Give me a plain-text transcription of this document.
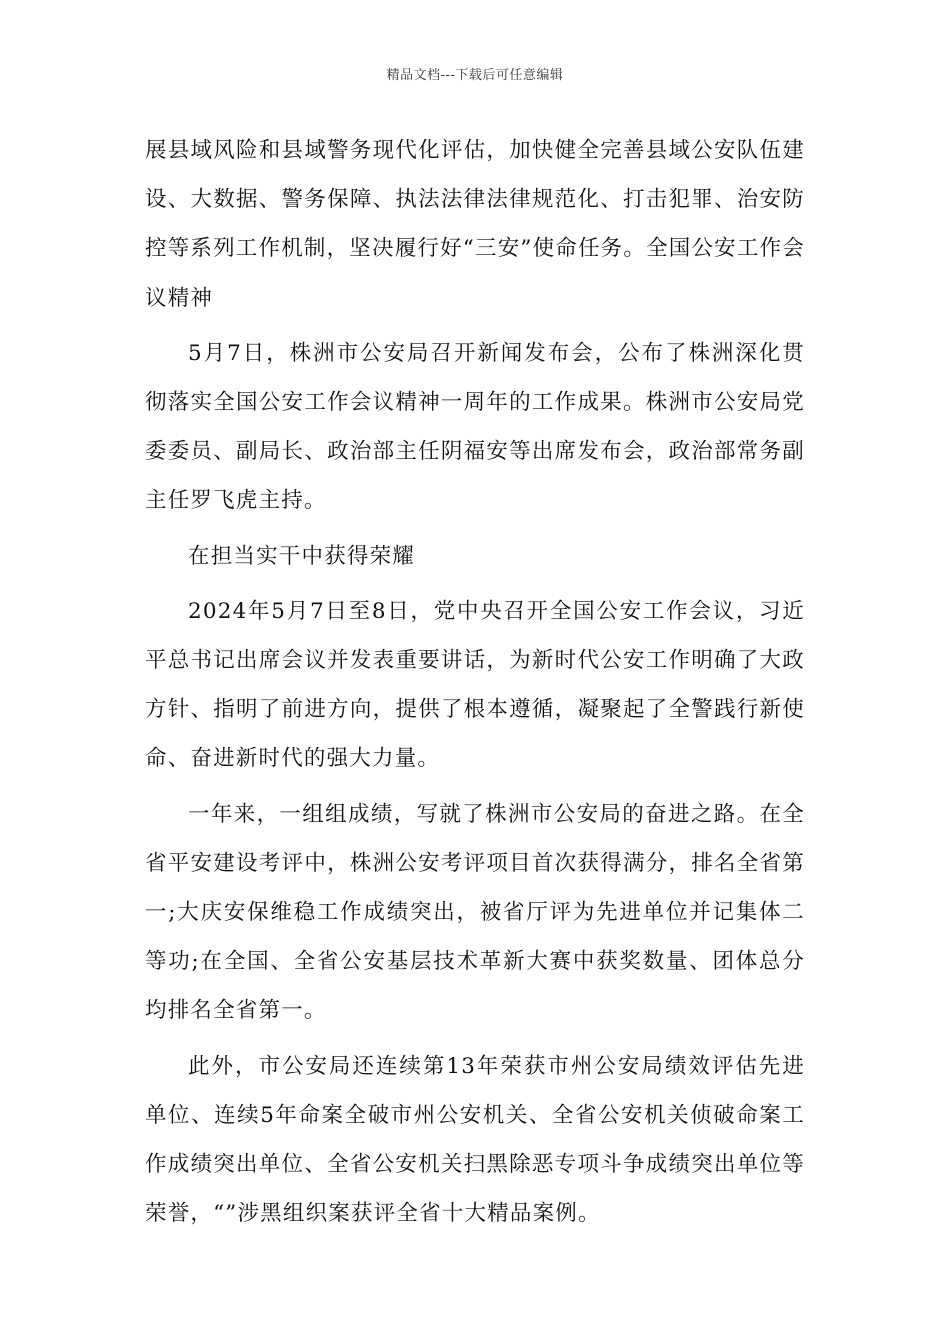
精品文档---下载后可任意编辑

展县域风险和县域警务现代化评估，加快健全完善县域公安队伍建设、大数据、警务保障、执法法律法律规范化、打击犯罪、治安防控等系列工作机制，坚决履行好“三安”使命任务。全国公安工作会议精神

5月7日，株洲市公安局召开新闻发布会，公布了株洲深化贯彻落实全国公安工作会议精神一周年的工作成果。株洲市公安局党委委员、副局长、政治部主任阴福安等出席发布会，政治部常务副主任罗飞虎主持。

在担当实干中获得荣耀

2024年5月7日至8日，党中央召开全国公安工作会议，习近平总书记出席会议并发表重要讲话，为新时代公安工作明确了大政方针、指明了前进方向，提供了根本遵循，凝聚起了全警践行新使命、奋进新时代的强大力量。

一年来，一组组成绩，写就了株洲市公安局的奋进之路。在全省平安建设考评中，株洲公安考评项目首次获得满分，排名全省第一;大庆安保维稳工作成绩突出，被省厅评为先进单位并记集体二等功;在全国、全省公安基层技术革新大赛中获奖数量、团体总分均排名全省第一。

此外，市公安局还连续第13年荣获市州公安局绩效评估先进单位、连续5年命案全破市州公安机关、全省公安机关侦破命案工作成绩突出单位、全省公安机关扫黑除恶专项斗争成绩突出单位等荣誉，“”涉黑组织案获评全省十大精品案例。
